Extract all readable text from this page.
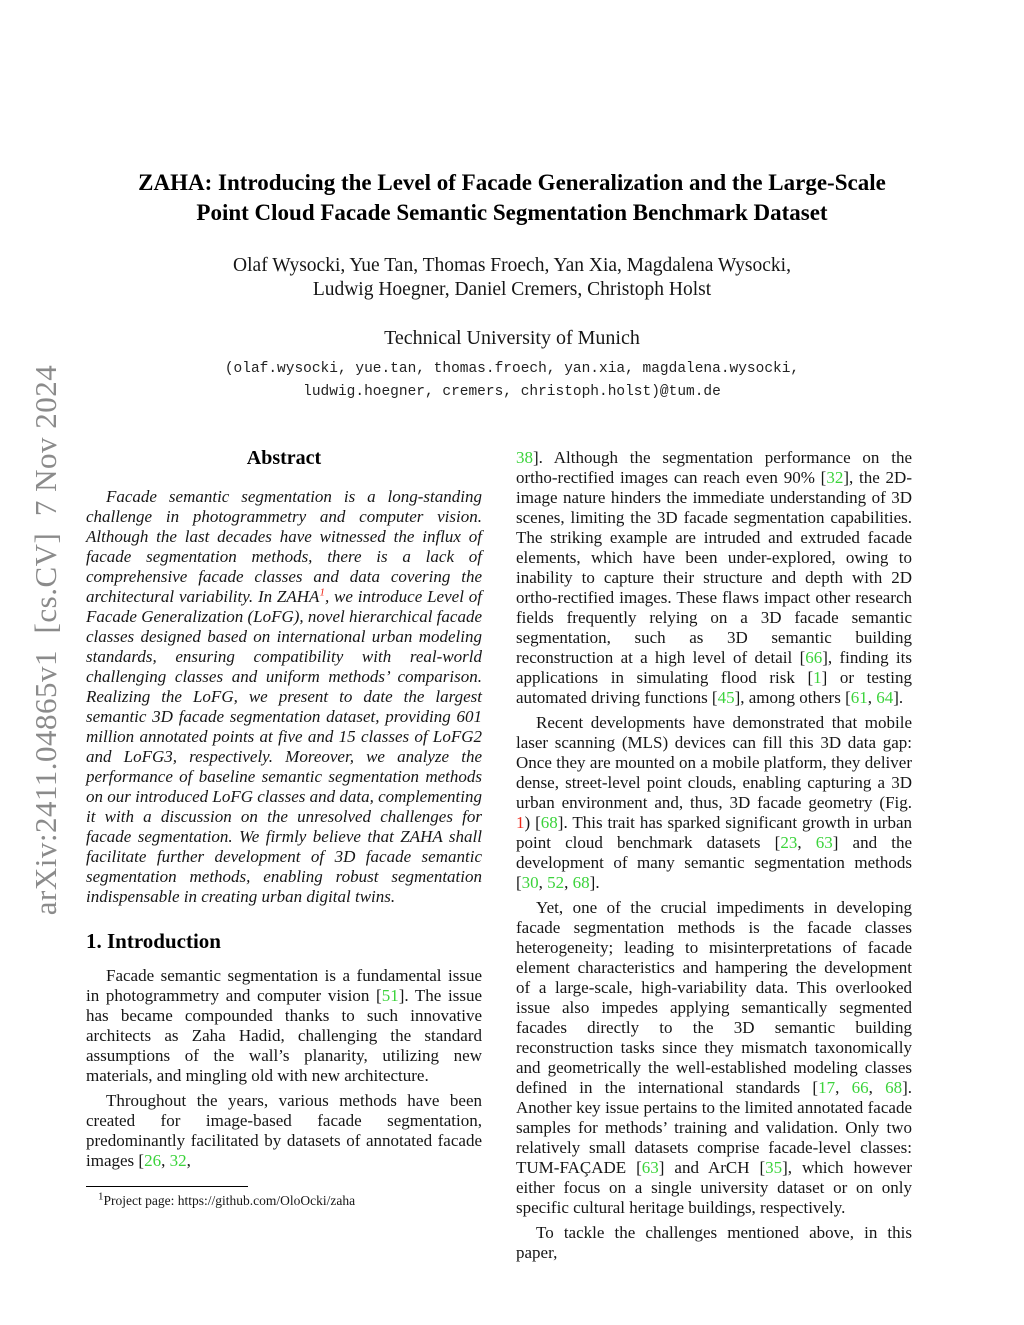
arXiv:2411.04865v1  [cs.CV]  7 Nov 2024
ZAHA: Introducing the Level of Facade Generalization and the Large-Scale
Point Cloud Facade Semantic Segmentation Benchmark Dataset
Olaf Wysocki, Yue Tan, Thomas Froech, Yan Xia, Magdalena Wysocki,
Ludwig Hoegner, Daniel Cremers, Christoph Holst
Technical University of Munich
(olaf.wysocki, yue.tan, thomas.froech, yan.xia, magdalena.wysocki,
ludwig.hoegner, cremers, christoph.holst)@tum.de
Abstract

Facade semantic segmentation is a long-standing challenge in photogrammetry and computer vision. Although the last decades have witnessed the influx of facade segmentation methods, there is a lack of comprehensive facade classes and data covering the architectural variability. In ZAHA$^1$, we introduce Level of Facade Generalization (LoFG), novel hierarchical facade classes designed based on international urban modeling standards, ensuring compatibility with real-world challenging classes and uniform methods’ comparison. Realizing the LoFG, we present to date the largest semantic 3D facade segmentation dataset, providing 601 million annotated points at five and 15 classes of LoFG2 and LoFG3, respectively. Moreover, we analyze the performance of baseline semantic segmentation methods on our introduced LoFG classes and data, complementing it with a discussion on the unresolved challenges for facade segmentation. We firmly believe that ZAHA shall facilitate further development of 3D facade semantic segmentation methods, enabling robust segmentation indispensable in creating urban digital twins.

1. Introduction

Facade semantic segmentation is a fundamental issue in photogrammetry and computer vision [51]. The issue has became compounded thanks to such innovative architects as Zaha Hadid, challenging the standard assumptions of the wall’s planarity, utilizing new materials, and mingling old with new architecture.

Throughout the years, various methods have been created for image-based facade segmentation, predominantly facilitated by datasets of annotated facade images [26, 32,

$^1$Project page: https://github.com/OloOcki/zaha

38]. Although the segmentation performance on the ortho-rectified images can reach even 90% [32], the 2D-image nature hinders the immediate understanding of 3D scenes, limiting the 3D facade segmentation capabilities. The striking example are intruded and extruded facade elements, which have been under-explored, owing to inability to capture their structure and depth with 2D ortho-rectified images. These flaws impact other research fields frequently relying on a 3D facade semantic segmentation, such as 3D semantic building reconstruction at a high level of detail [66], finding its applications in simulating flood risk [1] or testing automated driving functions [45], among others [61, 64].

Recent developments have demonstrated that mobile laser scanning (MLS) devices can fill this 3D data gap: Once they are mounted on a mobile platform, they deliver dense, street-level point clouds, enabling capturing a 3D urban environment and, thus, 3D facade geometry (Fig. 1) [68]. This trait has sparked significant growth in urban point cloud benchmark datasets [23, 63] and the development of many semantic segmentation methods [30, 52, 68].

Yet, one of the crucial impediments in developing facade segmentation methods is the facade classes heterogeneity; leading to misinterpretations of facade element characteristics and hampering the development of a large-scale, high-variability data. This overlooked issue also impedes applying semantically segmented facades directly to the 3D semantic building reconstruction tasks since they mismatch taxonomically and geometrically the well-established modeling classes defined in the international standards [17, 66, 68]. Another key issue pertains to the limited annotated facade samples for methods’ training and validation. Only two relatively small datasets comprise facade-level classes: TUM-FAÇADE [63] and ArCH [35], which however either focus on a single university dataset or on only specific cultural heritage buildings, respectively.

To tackle the challenges mentioned above, in this paper,
